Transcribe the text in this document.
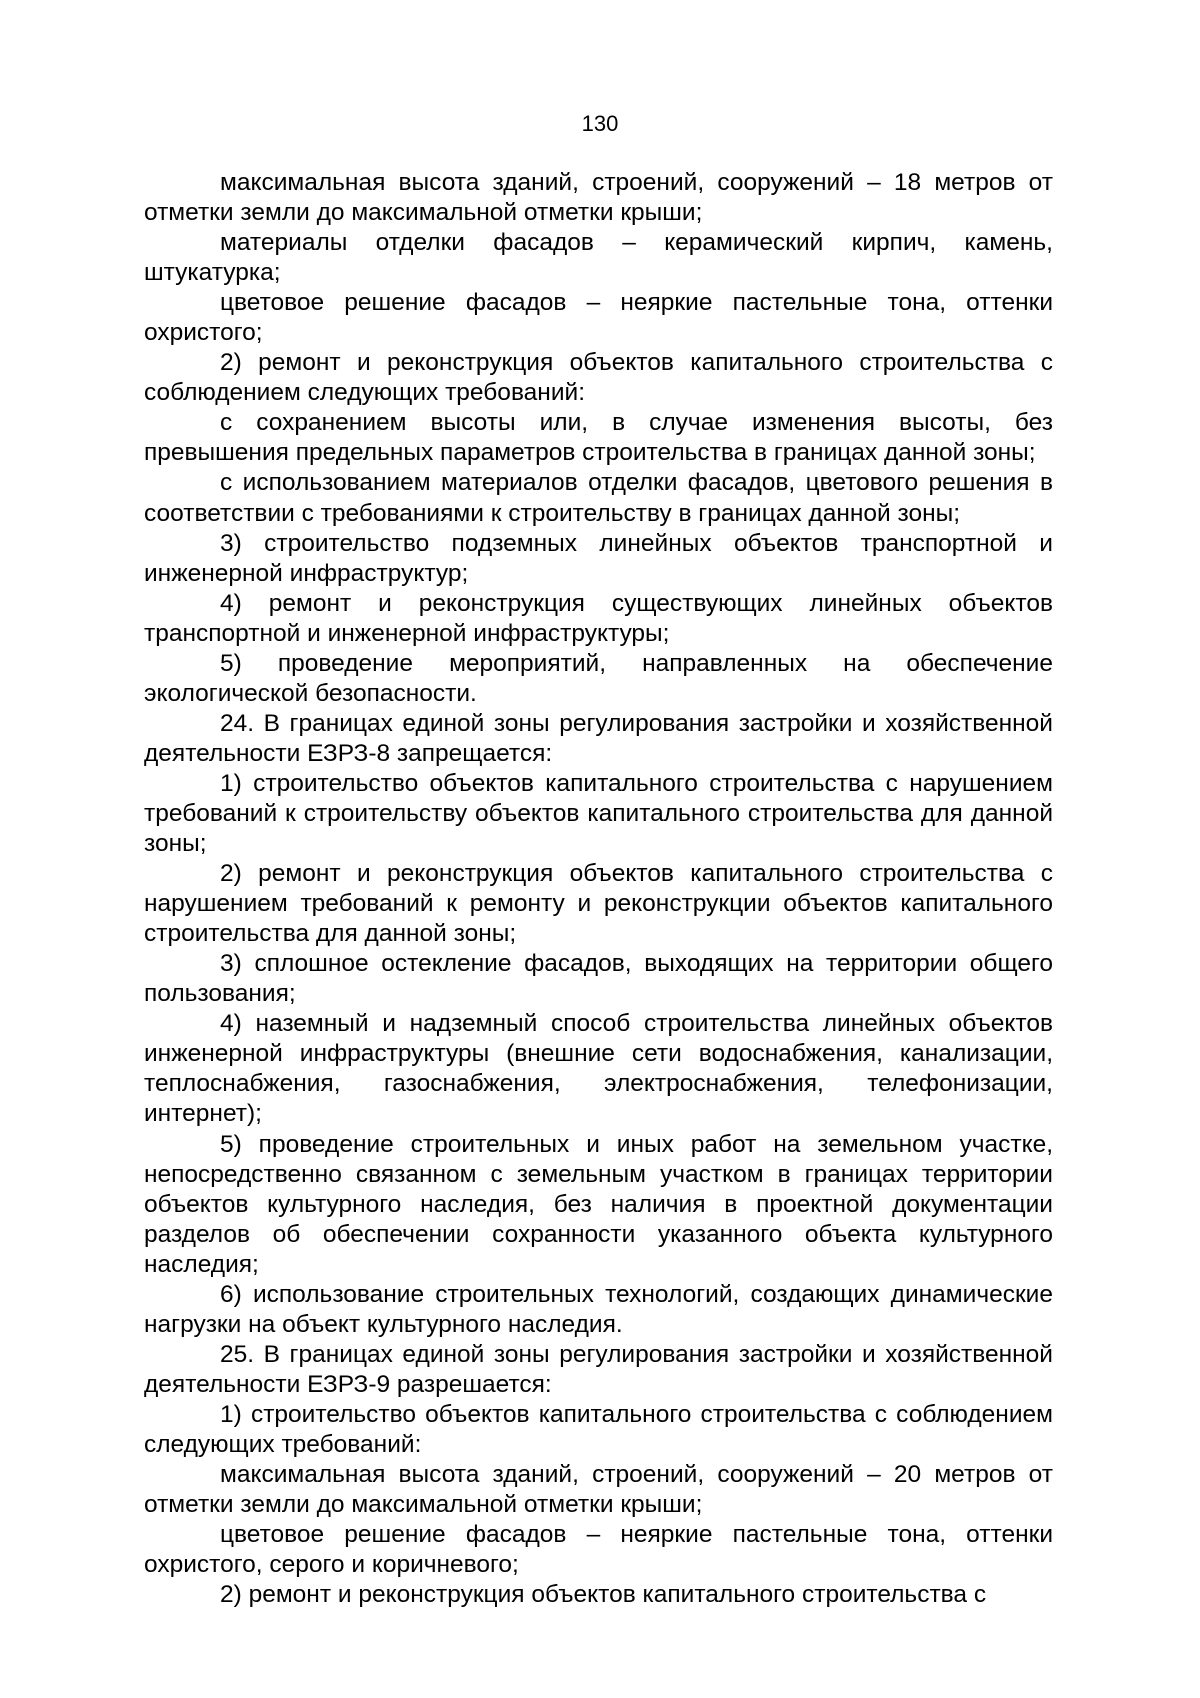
130

максимальная высота зданий, строений, сооружений – 18 метров от отметки земли до максимальной отметки крыши;

материалы отделки фасадов – керамический кирпич, камень, штукатурка;

цветовое решение фасадов – неяркие пастельные тона, оттенки охристого;

2) ремонт и реконструкция объектов капитального строительства с соблюдением следующих требований:

с сохранением высоты или, в случае изменения высоты, без превышения предельных параметров строительства в границах данной зоны;

с использованием материалов отделки фасадов, цветового решения в соответствии с требованиями к строительству в границах данной зоны;

3) строительство подземных линейных объектов транспортной и инженерной инфраструктур;

4) ремонт и реконструкция существующих линейных объектов транспортной и инженерной инфраструктуры;

5) проведение мероприятий, направленных на обеспечение экологической безопасности.

24. В границах единой зоны регулирования застройки и хозяйственной деятельности ЕЗРЗ-8 запрещается:

1) строительство объектов капитального строительства с нарушением требований к строительству объектов капитального строительства для данной зоны;

2) ремонт и реконструкция объектов капитального строительства с нарушением требований к ремонту и реконструкции объектов капитального строительства для данной зоны;

3) сплошное остекление фасадов, выходящих на территории общего пользования;

4) наземный и надземный способ строительства линейных объектов инженерной инфраструктуры (внешние сети водоснабжения, канализации, теплоснабжения, газоснабжения, электроснабжения, телефонизации, интернет);

5) проведение строительных и иных работ на земельном участке, непосредственно связанном с земельным участком в границах территории объектов культурного наследия, без наличия в проектной документации разделов об обеспечении сохранности указанного объекта культурного наследия;

6) использование строительных технологий, создающих динамические нагрузки на объект культурного наследия.

25. В границах единой зоны регулирования застройки и хозяйственной деятельности ЕЗРЗ-9 разрешается:

1) строительство объектов капитального строительства с соблюдением следующих требований:

максимальная высота зданий, строений, сооружений – 20 метров от отметки земли до максимальной отметки крыши;

цветовое решение фасадов – неяркие пастельные тона, оттенки охристого, серого и коричневого;

2) ремонт и реконструкция объектов капитального строительства с
